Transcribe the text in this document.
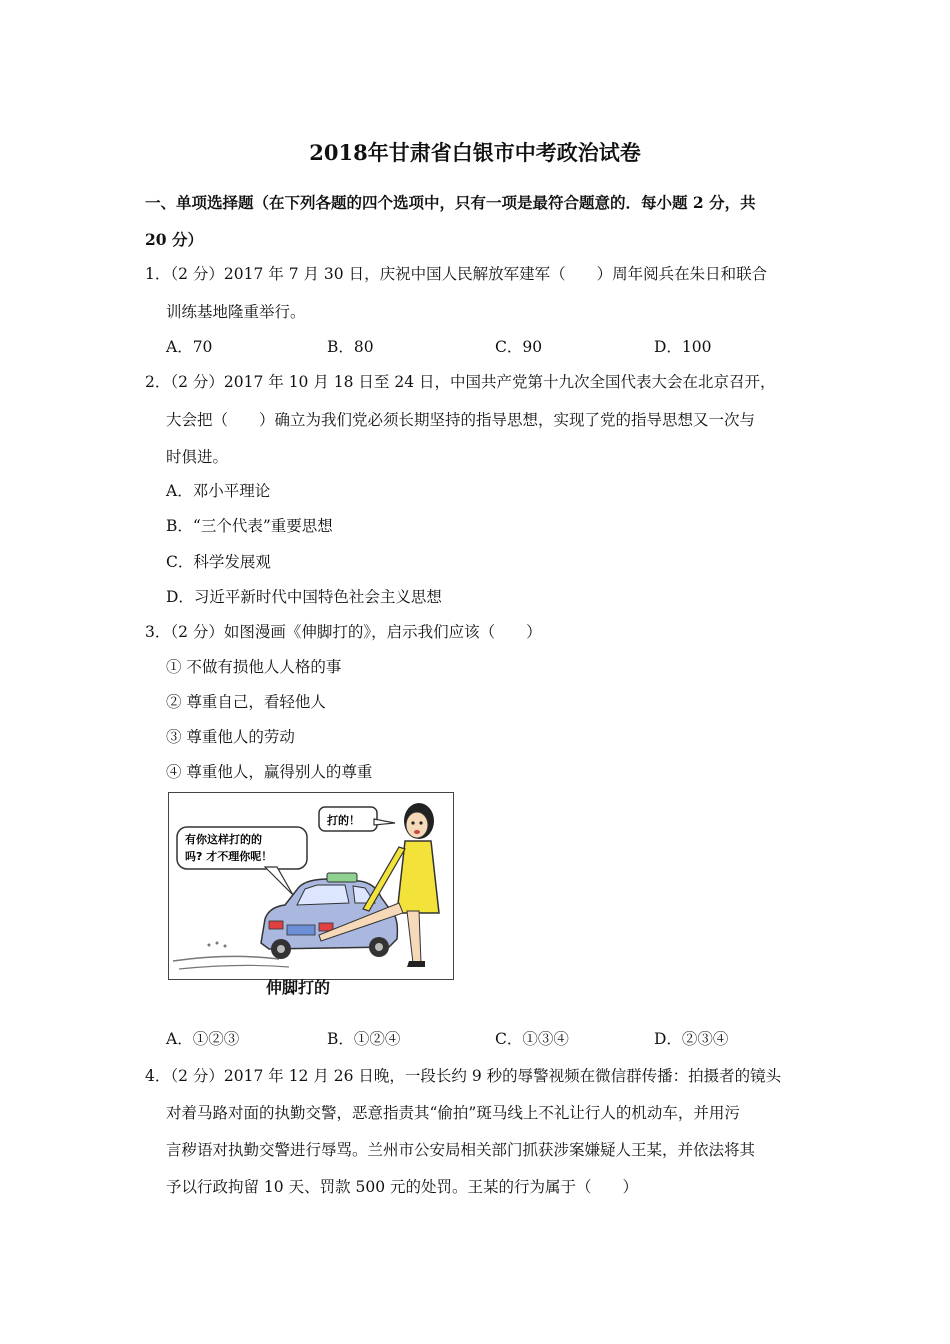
2018年甘肃省白银市中考政治试卷
一、单项选择题（在下列各题的四个选项中，只有一项是最符合题意的．每小题 2 分，共
20 分）
1．（2 分）2017 年 7 月 30 日，庆祝中国人民解放军建军（　　）周年阅兵在朱日和联合
训练基地隆重举行。
A．70	B．80	C．90	D．100
2．（2 分）2017 年 10 月 18 日至 24 日，中国共产党第十九次全国代表大会在北京召开，
大会把（　　）确立为我们党必须长期坚持的指导思想，实现了党的指导思想又一次与
时俱进。
A．邓小平理论
B．“三个代表”重要思想
C．科学发展观
D．习近平新时代中国特色社会主义思想
3．（2 分）如图漫画《伸脚打的》，启示我们应该（　　）
① 不做有损他人人格的事
② 尊重自己，看轻他人
③ 尊重他人的劳动
④ 尊重他人，赢得别人的尊重
打的！
有你这样打的的
吗? 才不理你呢！
伸脚打的
A．①②③	B．①②④	C．①③④	D．②③④
4．（2 分）2017 年 12 月 26 日晚，一段长约 9 秒的辱警视频在微信群传播：拍摄者的镜头
对着马路对面的执勤交警，恶意指责其“偷拍”斑马线上不礼让行人的机动车，并用污
言秽语对执勤交警进行辱骂。兰州市公安局相关部门抓获涉案嫌疑人王某，并依法将其
予以行政拘留 10 天、罚款 500 元的处罚。王某的行为属于（　　）
